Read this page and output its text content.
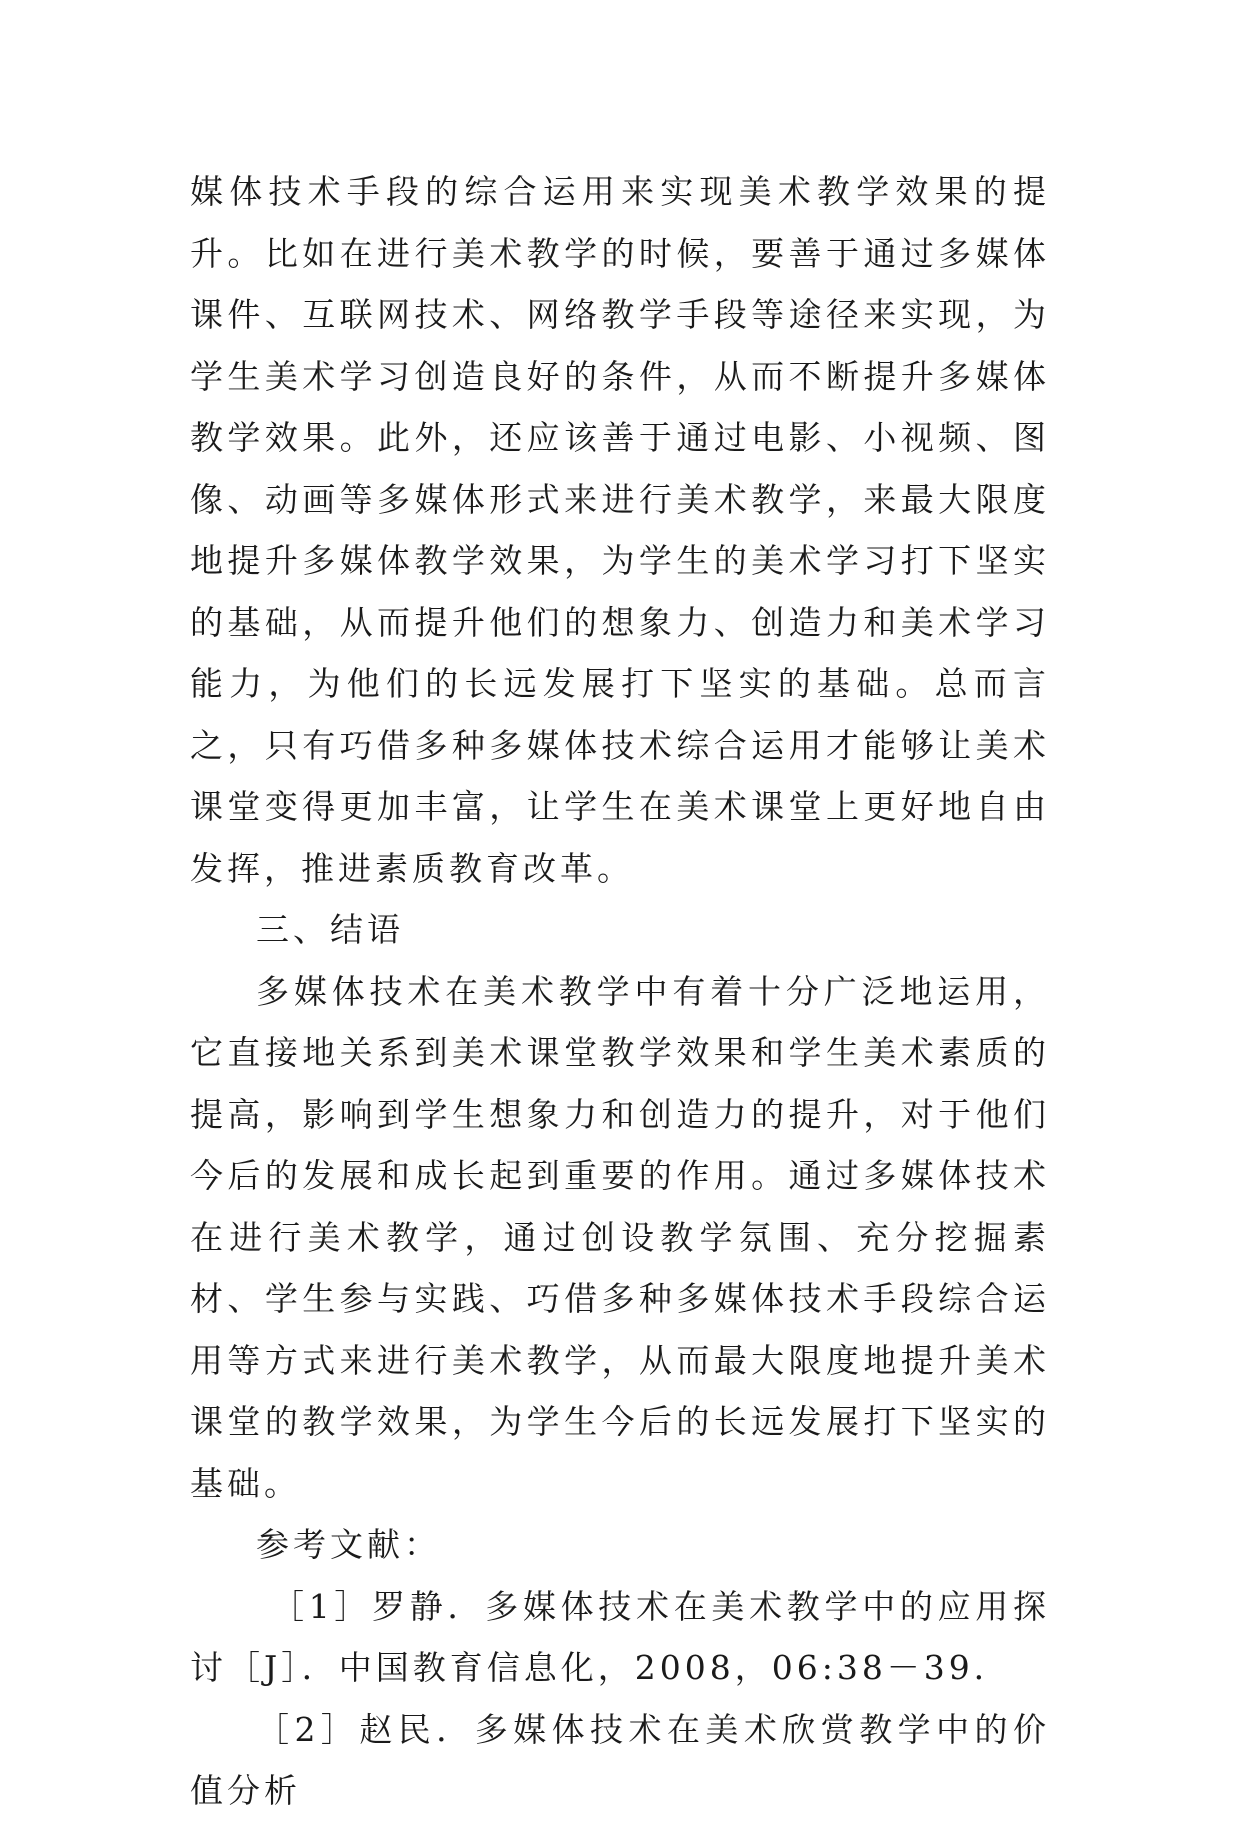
媒体技术手段的综合运用来实现美术教学效果的提升。比如在进行美术教学的时候，要善于通过多媒体课件、互联网技术、网络教学手段等途径来实现，为学生美术学习创造良好的条件，从而不断提升多媒体教学效果。此外，还应该善于通过电影、小视频、图像、动画等多媒体形式来进行美术教学，来最大限度地提升多媒体教学效果，为学生的美术学习打下坚实的基础，从而提升他们的想象力、创造力和美术学习能力，为他们的长远发展打下坚实的基础。总而言之，只有巧借多种多媒体技术综合运用才能够让美术课堂变得更加丰富，让学生在美术课堂上更好地自由发挥，推进素质教育改革。

三、结语

多媒体技术在美术教学中有着十分广泛地运用，它直接地关系到美术课堂教学效果和学生美术素质的提高，影响到学生想象力和创造力的提升，对于他们今后的发展和成长起到重要的作用。通过多媒体技术在进行美术教学，通过创设教学氛围、充分挖掘素材、学生参与实践、巧借多种多媒体技术手段综合运用等方式来进行美术教学，从而最大限度地提升美术课堂的教学效果，为学生今后的长远发展打下坚实的基础。

参考文献：

［1］罗静．多媒体技术在美术教学中的应用探讨［J］．中国教育信息化，2008，06:38－39．

［2］赵民．多媒体技术在美术欣赏教学中的价值分析
